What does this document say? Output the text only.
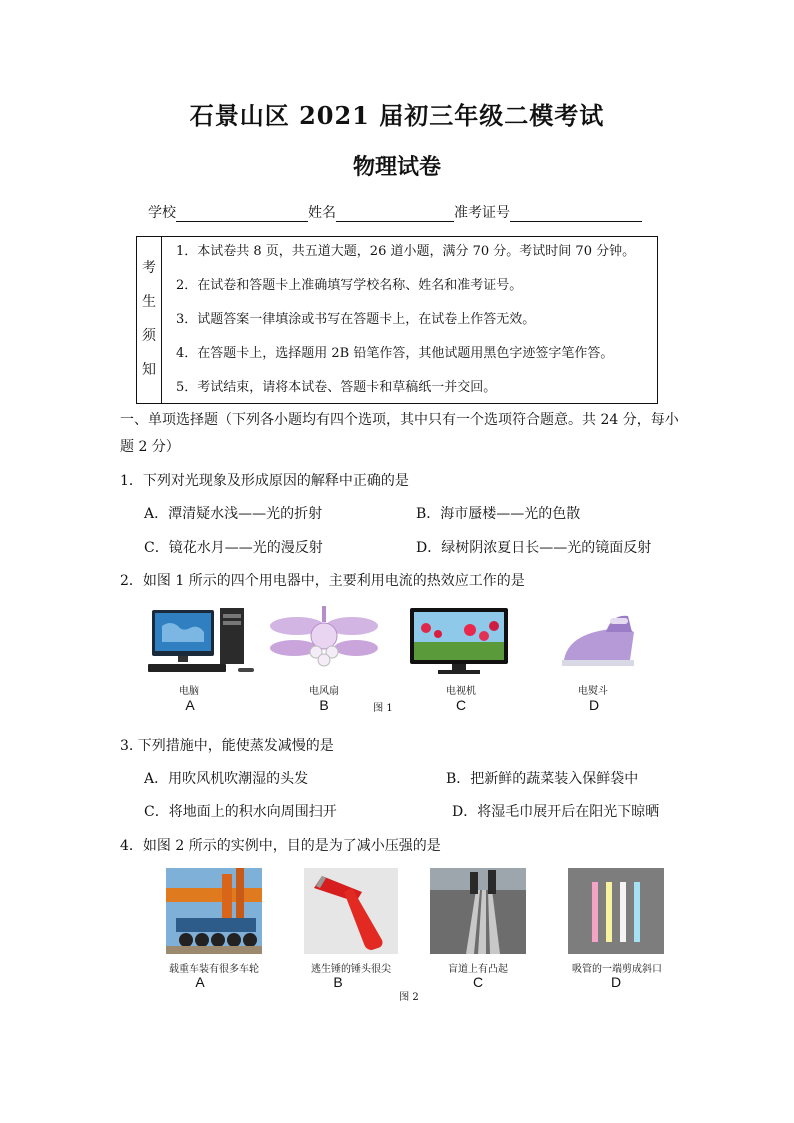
石景山区 2021 届初三年级二模考试
物理试卷
学校	姓名	准考证号
考
生
须
知
1．本试卷共 8 页，共五道大题，26 道小题，满分 70 分。考试时间 70 分钟。
2．在试卷和答题卡上准确填写学校名称、姓名和准考证号。
3．试题答案一律填涂或书写在答题卡上，在试卷上作答无效。
4．在答题卡上，选择题用 2B 铅笔作答，其他试题用黑色字迹签字笔作答。
5．考试结束，请将本试卷、答题卡和草稿纸一并交回。
一、单项选择题（下列各小题均有四个选项，其中只有一个选项符合题意。共 24 分，每小
题 2 分）
1．下列对光现象及形成原因的解释中正确的是
A．潭清疑水浅——光的折射	B．海市蜃楼——光的色散
C．镜花水月——光的漫反射	D．绿树阴浓夏日长——光的镜面反射
2．如图 1 所示的四个用电器中，主要利用电流的热效应工作的是
电脑	电风扇	电视机	电熨斗
A	B	图 1	C	D
3. 下列措施中，能使蒸发减慢的是
A．用吹风机吹潮湿的头发	B．把新鲜的蔬菜装入保鲜袋中
C．将地面上的积水向周围扫开	D．将湿毛巾展开后在阳光下晾晒
4．如图 2 所示的实例中，目的是为了减小压强的是
载重车装有很多车轮	逃生锤的锤头很尖	盲道上有凸起	吸管的一端剪成斜口
A	B	C	D
图 2
